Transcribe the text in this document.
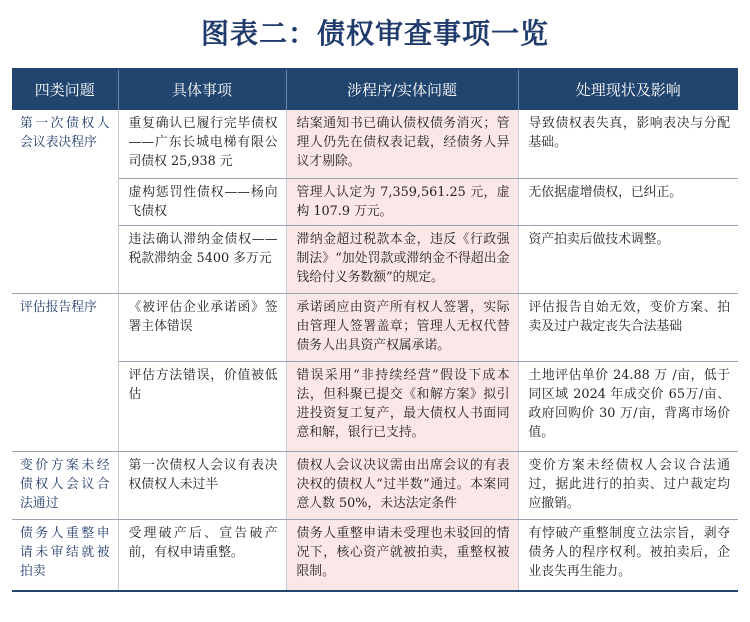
图表二：债权审查事项一览
四类问题	具体事项	涉程序/实体问题	处理现状及影响
第一次债权人会议表决程序	重复确认已履行完毕债权——广东长城电梯有限公司债权 25,938 元	结案通知书已确认债权债务消灭；管理人仍先在债权表记载，经债务人异议才剔除。	导致债权表失真，影响表决与分配基础。
	虚构惩罚性债权——杨向飞债权	管理人认定为 7,359,561.25 元，虚构 107.9 万元。	无依据虚增债权，已纠正。
	违法确认滞纳金债权——税款滞纳金 5400 多万元	滞纳金超过税款本金，违反《行政强制法》“加处罚款或滞纳金不得超出金钱给付义务数额”的规定。	资产拍卖后做技术调整。
评估报告程序	《被评估企业承诺函》签署主体错误	承诺函应由资产所有权人签署，实际由管理人签署盖章；管理人无权代替债务人出具资产权属承诺。	评估报告自始无效，变价方案、拍卖及过户裁定丧失合法基础
	评估方法错误，价值被低估	错误采用“非持续经营”假设下成本法，但科聚已提交《和解方案》拟引进投资复工复产，最大债权人书面同意和解，银行已支持。	土地评估单价 24.88 万 /亩，低于同区域 2024 年成交价 65万/亩、政府回购价 30 万/亩，背离市场价值。
变价方案未经债权人会议合法通过	第一次债权人会议有表决权债权人未过半	债权人会议决议需由出席会议的有表决权的债权人“过半数”通过。本案同意人数 50%，未达法定条件	变价方案未经债权人会议合法通过，据此进行的拍卖、过户裁定均应撤销。
债务人重整申请未审结就被拍卖	受理破产后、宣告破产前，有权申请重整。	债务人重整申请未受理也未驳回的情况下，核心资产就被拍卖，重整权被限制。	有悖破产重整制度立法宗旨，剥夺债务人的程序权利。被拍卖后，企业丧失再生能力。
